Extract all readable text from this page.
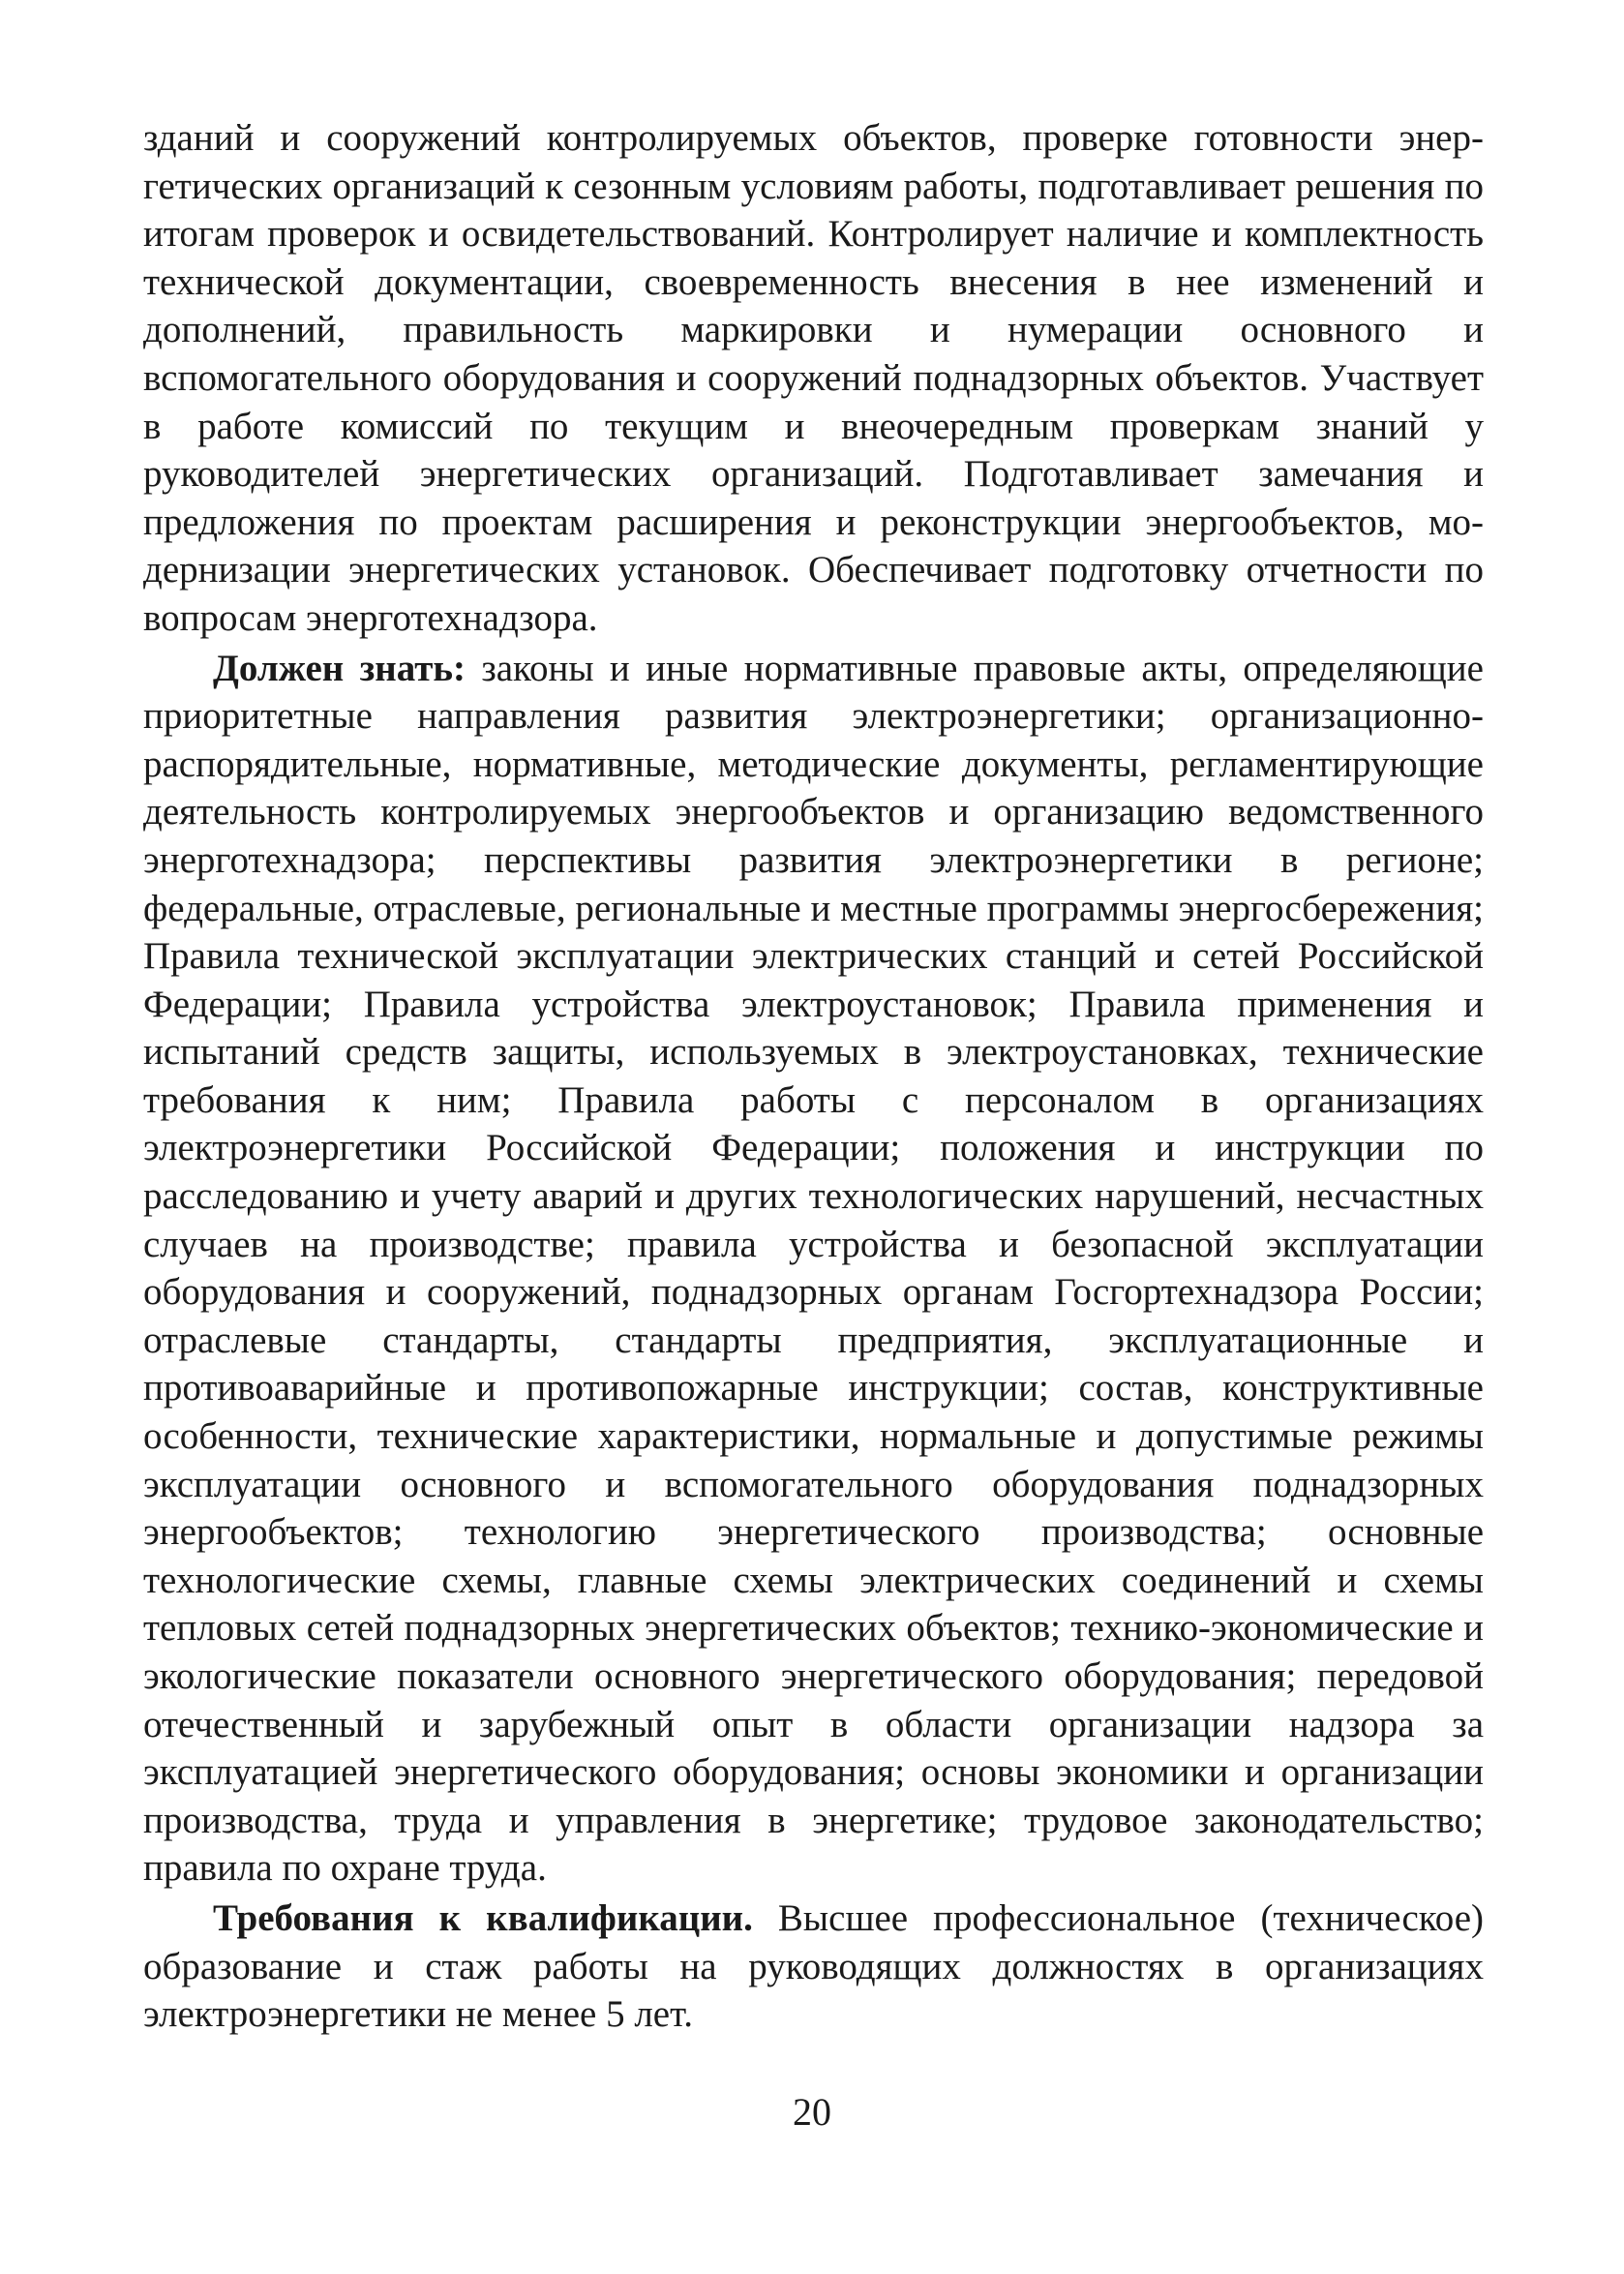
зданий и сооружений контролируемых объектов, проверке готовности энергетических организаций к сезонным условиям работы, подготавливает решения по итогам проверок и освидетельствований. Контролирует наличие и комплектность технической документации, своевременность внесения в нее изменений и дополнений, правильность маркировки и нумерации основного и вспомогательного оборудования и сооружений поднадзорных объектов. Участвует в работе комиссий по текущим и внеочередным проверкам знаний у руководителей энергетических организаций. Подготавливает замечания и предложения по проектам расширения и реконструкции энергообъектов, модернизации энергетических установок. Обеспечивает подготовку отчетности по вопросам энерготехнадзора.

Должен знать: законы и иные нормативные правовые акты, определяющие приоритетные направления развития электроэнергетики; организационно-распорядительные, нормативные, методические документы, регламентирующие деятельность контролируемых энергообъектов и организацию ведомственного энерготехнадзора; перспективы развития электроэнергетики в регионе; федеральные, отраслевые, региональные и местные программы энергосбережения; Правила технической эксплуатации электрических станций и сетей Российской Федерации; Правила устройства электроустановок; Правила применения и испытаний средств защиты, используемых в электроустановках, технические требования к ним; Правила работы с персоналом в организациях электроэнергетики Российской Федерации; положения и инструкции по расследованию и учету аварий и других технологических нарушений, несчастных случаев на производстве; правила устройства и безопасной эксплуатации оборудования и сооружений, поднадзорных органам Госгортехнадзора России; отраслевые стандарты, стандарты предприятия, эксплуатационные и противоаварийные и противопожарные инструкции; состав, конструктивные особенности, технические характеристики, нормальные и допустимые режимы эксплуатации основного и вспомогательного оборудования поднадзорных энергообъектов; технологию энергетического производства; основные технологические схемы, главные схемы электрических соединений и схемы тепловых сетей поднадзорных энергетических объектов; технико-экономические и экологические показатели основного энергетического оборудования; передовой отечественный и зарубежный опыт в области организации надзора за эксплуатацией энергетического оборудования; основы экономики и организации производства, труда и управления в энергетике; трудовое законодательство; правила по охране труда.

Требования к квалификации. Высшее профессиональное (техническое) образование и стаж работы на руководящих должностях в организациях электроэнергетики не менее 5 лет.

20
